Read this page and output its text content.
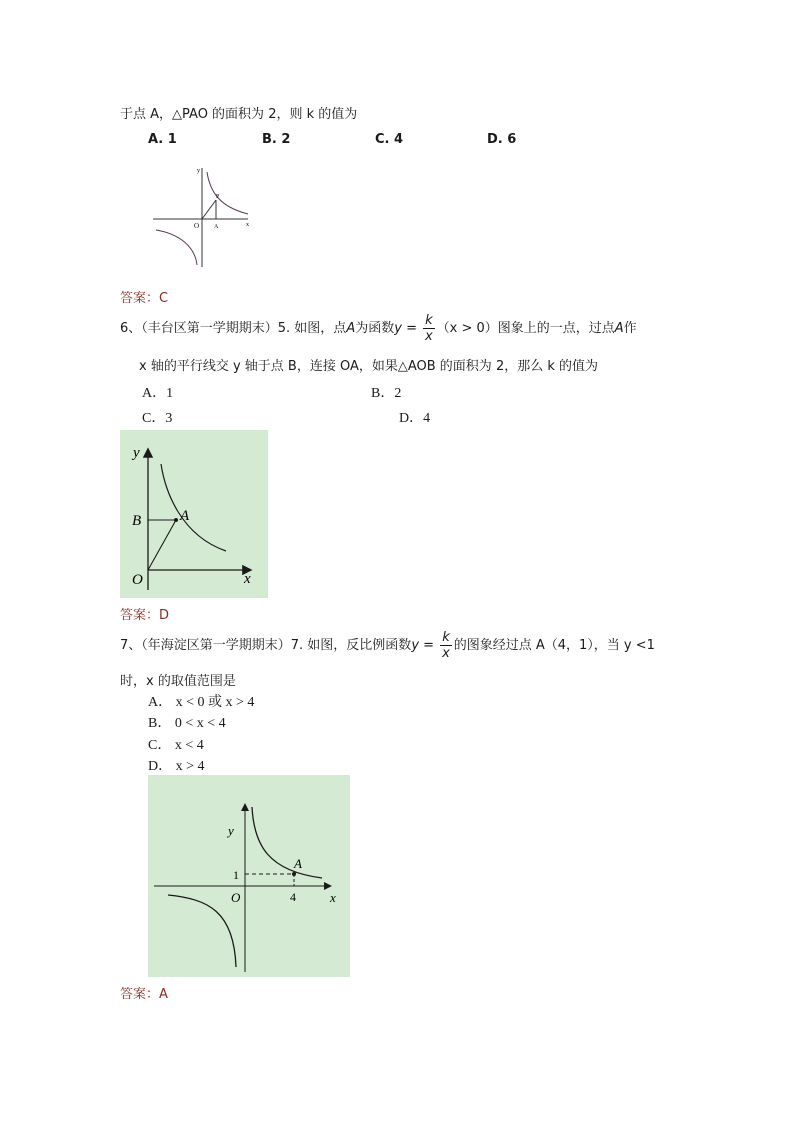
于点 A，△PAO 的面积为 2，则 k 的值为
A. 1	B. 2	C. 4	D. 6
y
x
O A
P
答案：C
6、（丰台区第一学期期末）5. 如图，点A为函数$y = \frac{k}{x} (x > 0)$图象上的一点，过点A作
x 轴的平行线交 y 轴于点 B，连接 OA，如果△AOB 的面积为 2，那么 k 的值为
A．1	B．2
C．3	D．4
y
x
O
B	A
答案：D
7、（年海淀区第一学期期末）7. 如图，反比例函数$y = \frac{k}{x}$ 的图象经过点 A（4，1），当 y <1
时，x 的取值范围是
A． x < 0 或 x > 4
B． 0 < x < 4
C． x < 4
D． x > 4
y
x
O
A
1
4
答案：A
